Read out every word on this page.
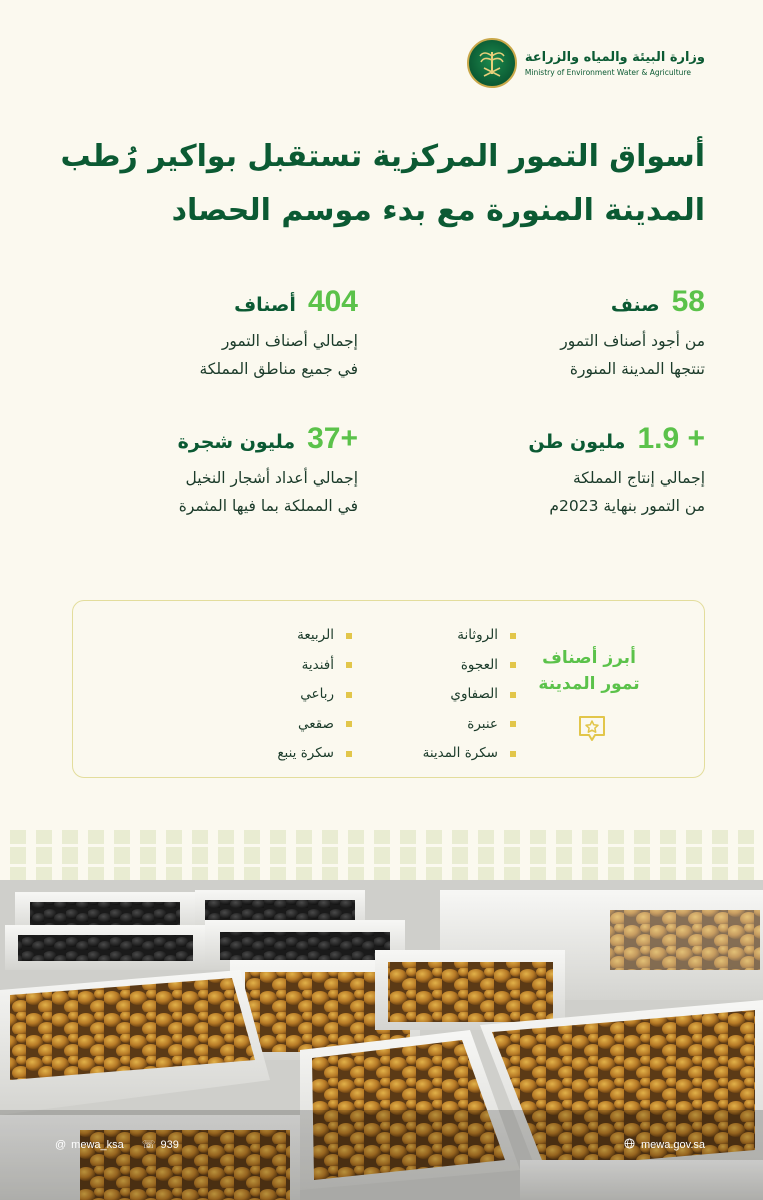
وزارة البيئة والمياه والزراعة
Ministry of Environment Water & Agriculture
أسواق التمور المركزية تستقبل بواكير رُطب
المدينة المنورة مع بدء موسم الحصاد
58
صنف
من أجود أصناف التمور
تنتجها المدينة المنورة
404
أصناف
إجمالي أصناف التمور
في جميع مناطق المملكة
1.9 +
مليون طن
إجمالي إنتاج المملكة
من التمور بنهاية 2023م
37+
مليون شجرة
إجمالي أعداد أشجار النخيل
في المملكة بما فيها المثمرة
أبرز أصناف
تمور المدينة
الروثانة
العجوة
الصفاوي
عنبرة
سكرة المدينة
الربيعة
أفندية
رباعي
صقعي
سكرة ينبع
@ mewa_ksa ☏ 939	mewa.gov.sa
